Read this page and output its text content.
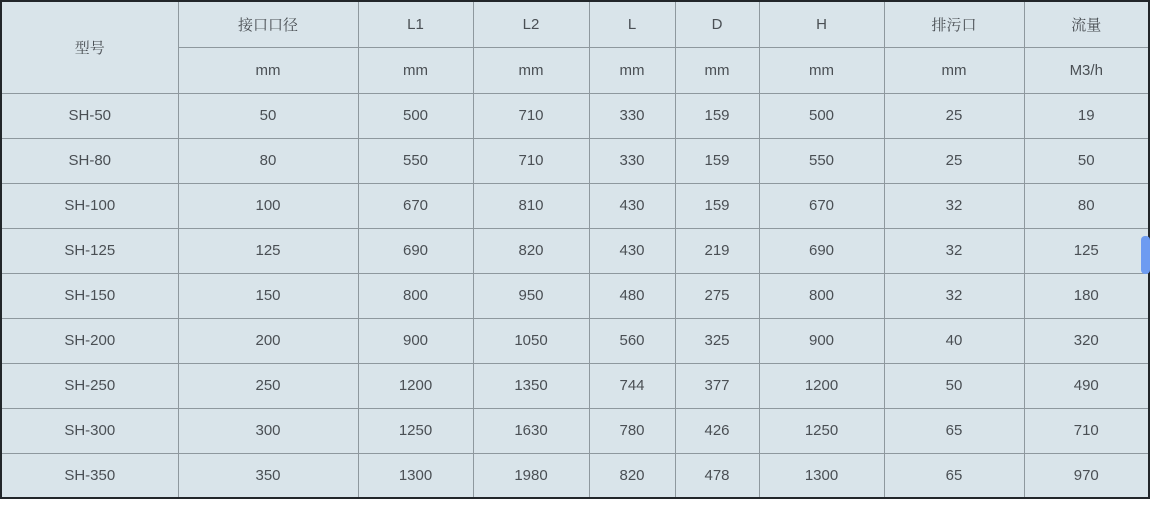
型号	接口口径	L1	L2	L	D	H	排污口	流量
	mm	mm	mm	mm	mm	mm	mm	M3/h
SH-50	50	500	710	330	159	500	25	19
SH-80	80	550	710	330	159	550	25	50
SH-100	100	670	810	430	159	670	32	80
SH-125	125	690	820	430	219	690	32	125
SH-150	150	800	950	480	275	800	32	180
SH-200	200	900	1050	560	325	900	40	320
SH-250	250	1200	1350	744	377	1200	50	490
SH-300	300	1250	1630	780	426	1250	65	710
SH-350	350	1300	1980	820	478	1300	65	970
